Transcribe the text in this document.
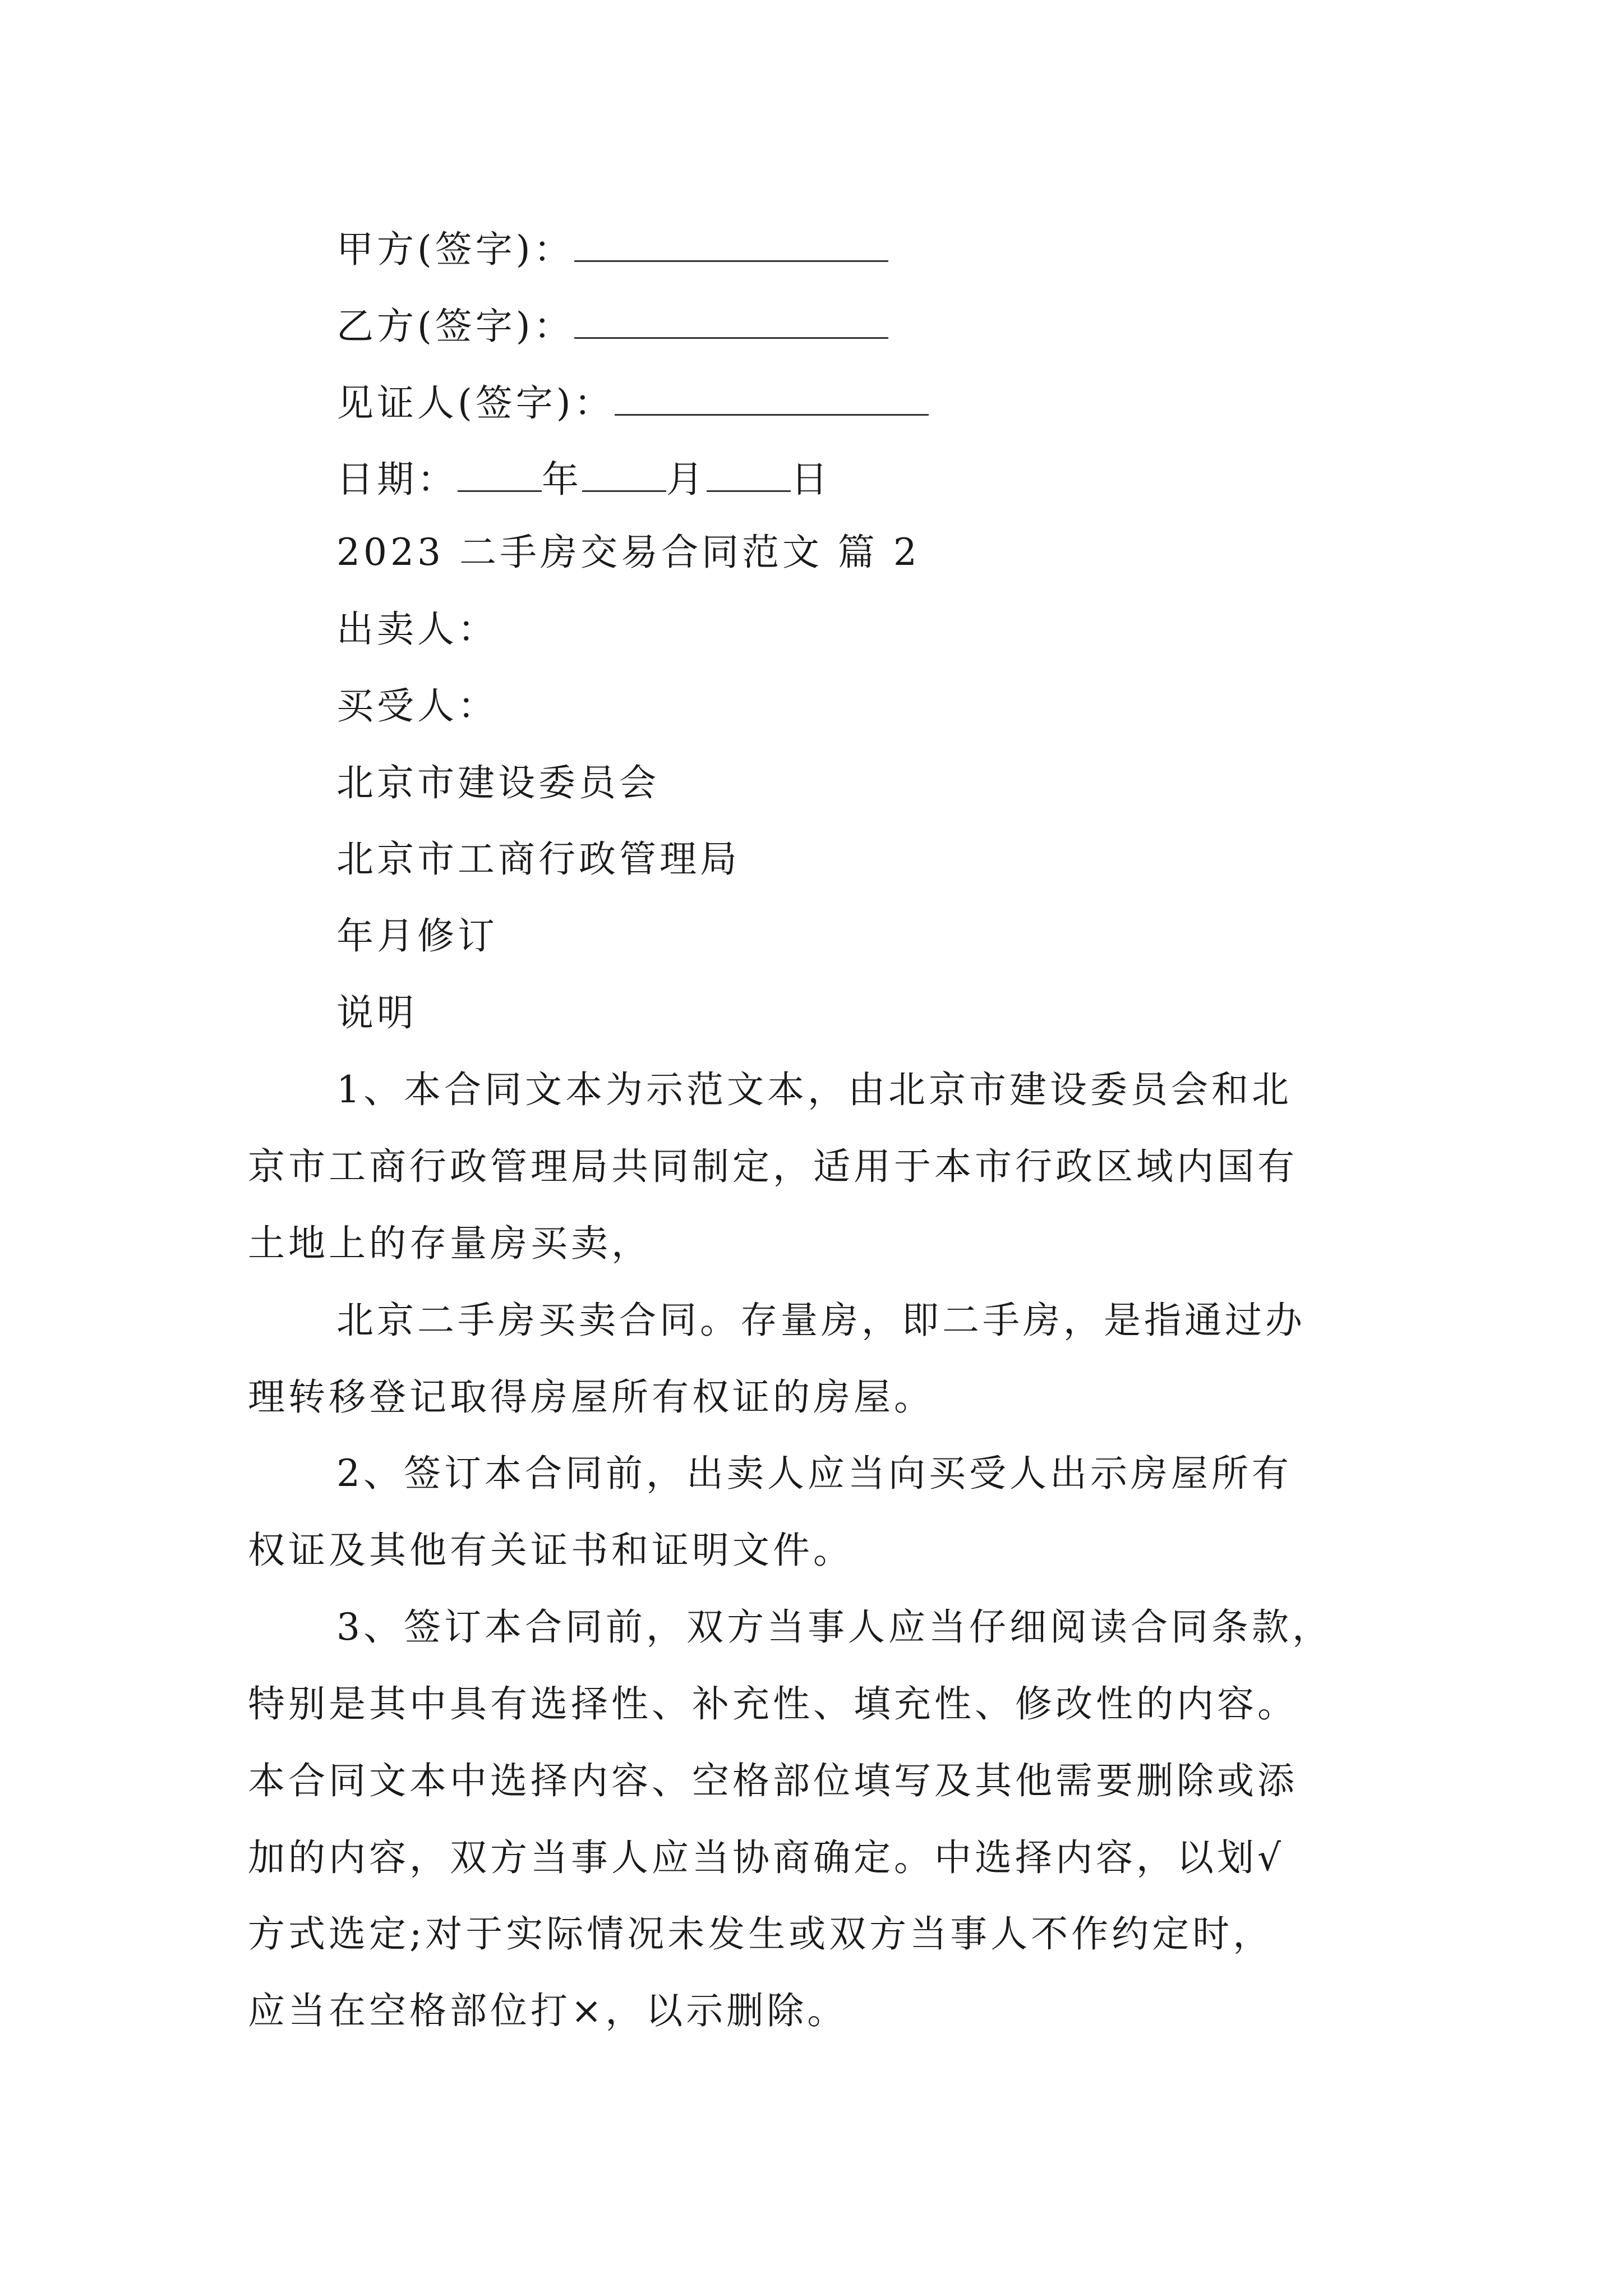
甲方(签字)：
乙方(签字)：
见证人(签字)：
日期： 年 月 日
2023 二手房交易合同范文 篇 2
出卖人：
买受人：
北京市建设委员会
北京市工商行政管理局
年月修订
说明
1、本合同文本为示范文本，由北京市建设委员会和北
京市工商行政管理局共同制定，适用于本市行政区域内国有
土地上的存量房买卖，
北京二手房买卖合同。存量房，即二手房，是指通过办
理转移登记取得房屋所有权证的房屋。
2、签订本合同前，出卖人应当向买受人出示房屋所有
权证及其他有关证书和证明文件。
3、签订本合同前，双方当事人应当仔细阅读合同条款，
特别是其中具有选择性、补充性、填充性、修改性的内容。
本合同文本中选择内容、空格部位填写及其他需要删除或添
加的内容，双方当事人应当协商确定。中选择内容，以划√
方式选定;对于实际情况未发生或双方当事人不作约定时，
应当在空格部位打×，以示删除。
